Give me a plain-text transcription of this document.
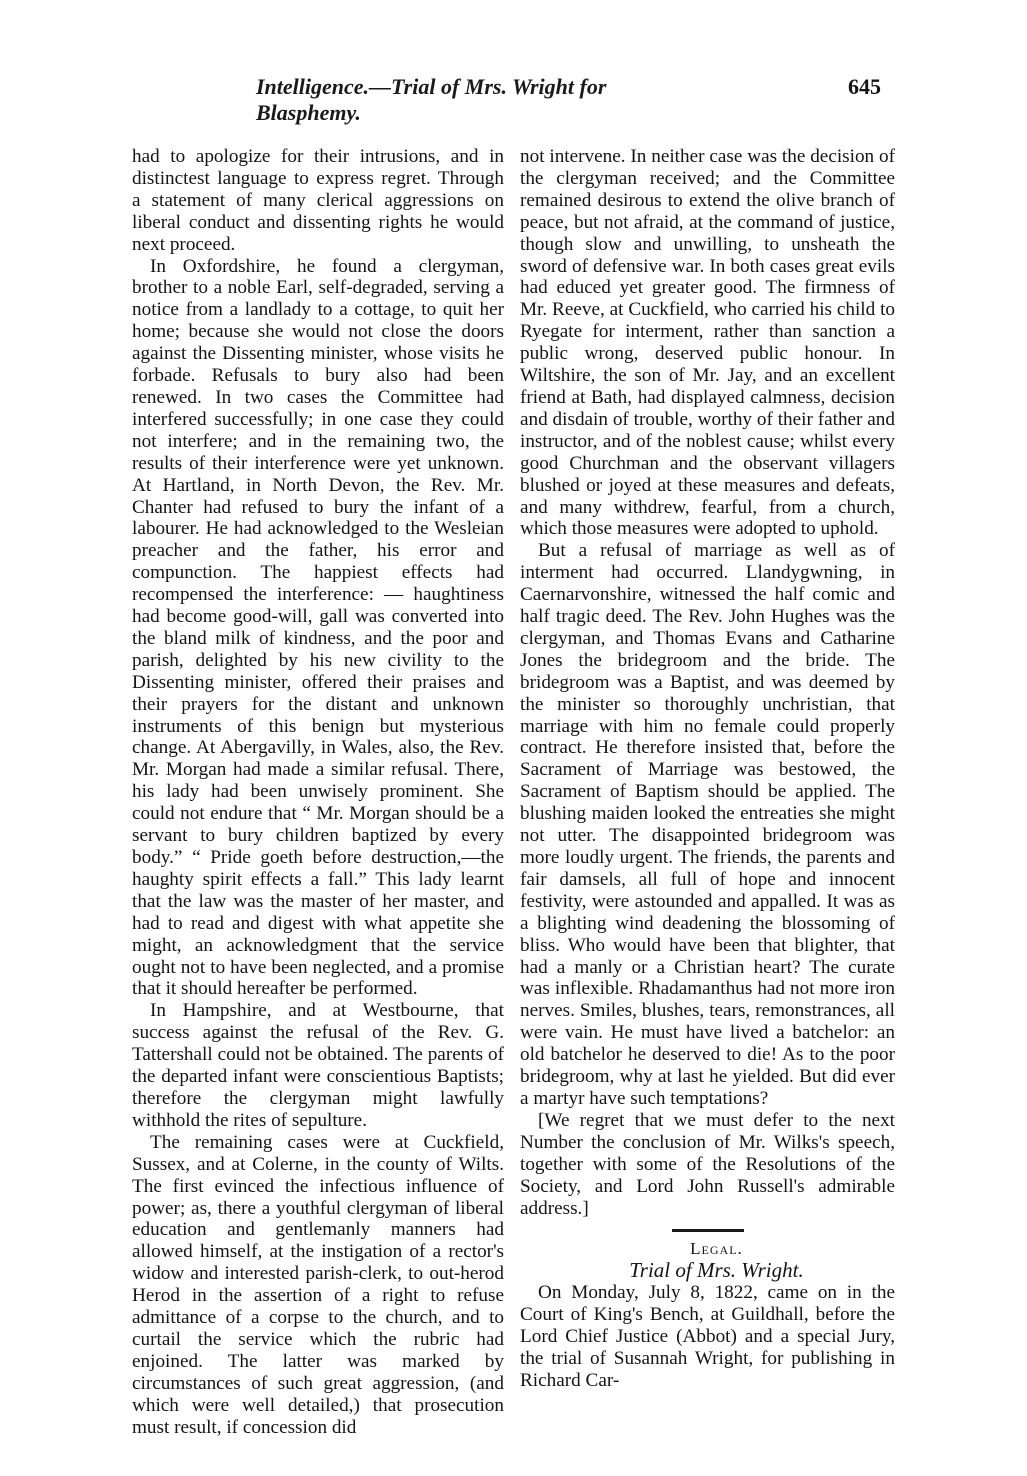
Intelligence.—Trial of Mrs. Wright for Blasphemy.
645

had to apologize for their intrusions, and in distinctest language to express regret. Through a statement of many clerical aggressions on liberal conduct and dissenting rights he would next proceed.

In Oxfordshire, he found a clergyman, brother to a noble Earl, self-degraded, serving a notice from a landlady to a cottage, to quit her home; because she would not close the doors against the Dissenting minister, whose visits he forbade. Refusals to bury also had been renewed. In two cases the Committee had interfered successfully; in one case they could not interfere; and in the remaining two, the results of their interference were yet unknown. At Hartland, in North Devon, the Rev. Mr. Chanter had refused to bury the infant of a labourer. He had acknowledged to the Wesleian preacher and the father, his error and compunction. The happiest effects had recompensed the interference: — haughtiness had become good-will, gall was converted into the bland milk of kindness, and the poor and parish, delighted by his new civility to the Dissenting minister, offered their praises and their prayers for the distant and unknown instruments of this benign but mysterious change. At Abergavilly, in Wales, also, the Rev. Mr. Morgan had made a similar refusal. There, his lady had been unwisely prominent. She could not endure that “ Mr. Morgan should be a servant to bury children baptized by every body.” “ Pride goeth before destruction,—the haughty spirit effects a fall.” This lady learnt that the law was the master of her master, and had to read and digest with what appetite she might, an acknowledgment that the service ought not to have been neglected, and a promise that it should hereafter be performed.

In Hampshire, and at Westbourne, that success against the refusal of the Rev. G. Tattershall could not be obtained. The parents of the departed infant were conscientious Baptists; therefore the clergyman might lawfully withhold the rites of sepulture.

The remaining cases were at Cuckfield, Sussex, and at Colerne, in the county of Wilts. The first evinced the infectious influence of power; as, there a youthful clergyman of liberal education and gentlemanly manners had allowed himself, at the instigation of a rector's widow and interested parish-clerk, to out-herod Herod in the assertion of a right to refuse admittance of a corpse to the church, and to curtail the service which the rubric had enjoined. The latter was marked by circumstances of such great aggression, (and which were well detailed,) that prosecution must result, if concession did

not intervene. In neither case was the decision of the clergyman received; and the Committee remained desirous to extend the olive branch of peace, but not afraid, at the command of justice, though slow and unwilling, to unsheath the sword of defensive war. In both cases great evils had educed yet greater good. The firmness of Mr. Reeve, at Cuckfield, who carried his child to Ryegate for interment, rather than sanction a public wrong, deserved public honour. In Wiltshire, the son of Mr. Jay, and an excellent friend at Bath, had displayed calmness, decision and disdain of trouble, worthy of their father and instructor, and of the noblest cause; whilst every good Churchman and the observant villagers blushed or joyed at these measures and defeats, and many withdrew, fearful, from a church, which those measures were adopted to uphold.

But a refusal of marriage as well as of interment had occurred. Llandygwning, in Caernarvonshire, witnessed the half comic and half tragic deed. The Rev. John Hughes was the clergyman, and Thomas Evans and Catharine Jones the bridegroom and the bride. The bridegroom was a Baptist, and was deemed by the minister so thoroughly unchristian, that marriage with him no female could properly contract. He therefore insisted that, before the Sacrament of Marriage was bestowed, the Sacrament of Baptism should be applied. The blushing maiden looked the entreaties she might not utter. The disappointed bridegroom was more loudly urgent. The friends, the parents and fair damsels, all full of hope and innocent festivity, were astounded and appalled. It was as a blighting wind deadening the blossoming of bliss. Who would have been that blighter, that had a manly or a Christian heart? The curate was inflexible. Rhadamanthus had not more iron nerves. Smiles, blushes, tears, remonstrances, all were vain. He must have lived a batchelor: an old batchelor he deserved to die! As to the poor bridegroom, why at last he yielded. But did ever a martyr have such temptations?

[We regret that we must defer to the next Number the conclusion of Mr. Wilks's speech, together with some of the Resolutions of the Society, and Lord John Russell's admirable address.]

Legal.

Trial of Mrs. Wright.

On Monday, July 8, 1822, came on in the Court of King's Bench, at Guildhall, before the Lord Chief Justice (Abbot) and a special Jury, the trial of Susannah Wright, for publishing in Richard Car-
